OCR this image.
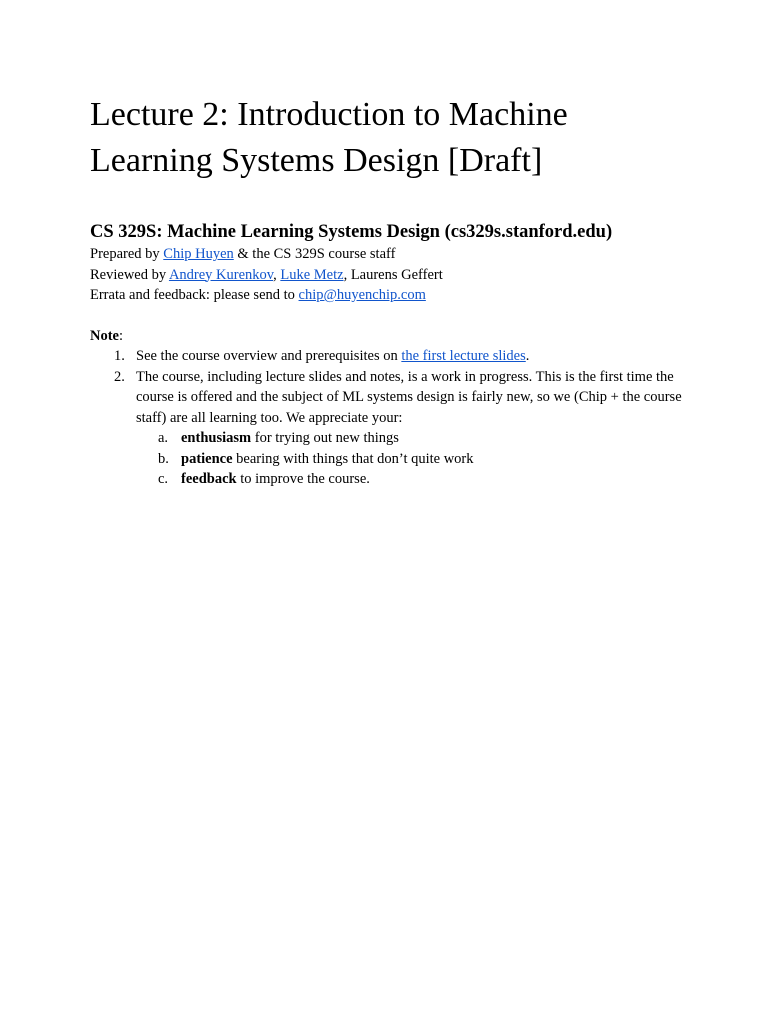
Lecture 2: Introduction to Machine Learning Systems Design [Draft]
CS 329S: Machine Learning Systems Design (cs329s.stanford.edu)

Prepared by Chip Huyen & the CS 329S course staff

Reviewed by Andrey Kurenkov, Luke Metz, Laurens Geffert

Errata and feedback: please send to chip@huyenchip.com

Note:

1. See the course overview and prerequisites on the first lecture slides.
2. The course, including lecture slides and notes, is a work in progress. This is the first time the course is offered and the subject of ML systems design is fairly new, so we (Chip + the course staff) are all learning too. We appreciate your:
a. enthusiasm for trying out new things
b. patience bearing with things that don’t quite work
c. feedback to improve the course.
